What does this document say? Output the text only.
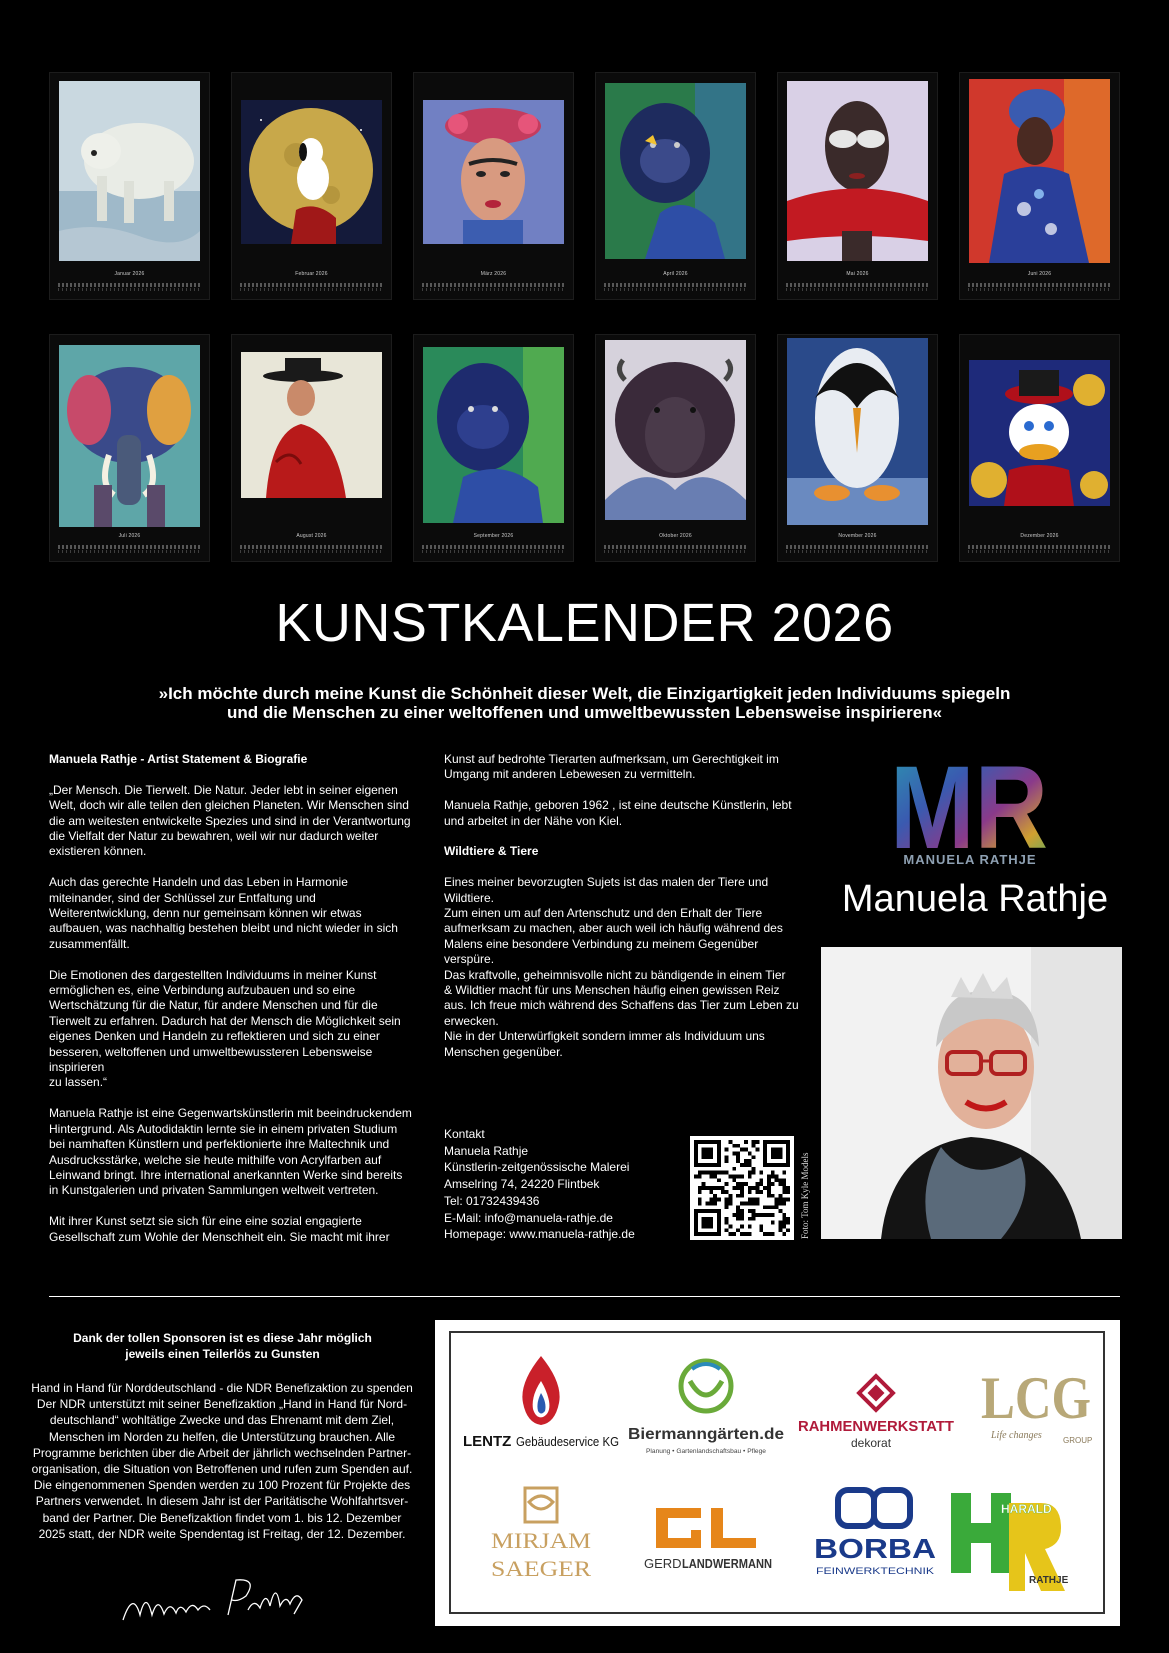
Januar 2026	Februar 2026	März 2026	April 2026	Mai 2026	Juni 2026
Juli 2026	August 2026	September 2026	Oktober 2026	November 2026	Dezember 2026
KUNSTKALENDER 2026
»Ich möchte durch meine Kunst die Schönheit dieser Welt, die Einzigartigkeit jeden Individuums spiegeln
und die Menschen zu einer weltoffenen und umweltbewussten Lebensweise inspirieren«

Manuela Rathje - Artist Statement & Biografie

„Der Mensch. Die Tierwelt. Die Natur. Jeder lebt in seiner eigenen
Welt, doch wir alle teilen den gleichen Planeten. Wir Menschen sind
die am weitesten entwickelte Spezies und sind in der Verantwortung
die Vielfalt der Natur zu bewahren, weil wir nur dadurch weiter
existieren können.

Auch das gerechte Handeln und das Leben in Harmonie
miteinander, sind der Schlüssel zur Entfaltung und
Weiterentwicklung, denn nur gemeinsam können wir etwas
aufbauen, was nachhaltig bestehen bleibt und nicht wieder in sich
zusammenfällt.

Die Emotionen des dargestellten Individuums in meiner Kunst
ermöglichen es, eine Verbindung aufzubauen und so eine
Wertschätzung für die Natur, für andere Menschen und für die
Tierwelt zu erfahren. Dadurch hat der Mensch die Möglichkeit sein
eigenes Denken und Handeln zu reflektieren und sich zu einer
besseren, weltoffenen und umweltbewussteren Lebensweise
inspirieren
zu lassen.“

Manuela Rathje ist eine Gegenwartskünstlerin mit beeindruckendem
Hintergrund. Als Autodidaktin lernte sie in einem privaten Studium
bei namhaften Künstlern und perfektionierte ihre Maltechnik und
Ausdrucksstärke, welche sie heute mithilfe von Acrylfarben auf
Leinwand bringt. Ihre international anerkannten Werke sind bereits
in Kunstgalerien und privaten Sammlungen weltweit vertreten.

Mit ihrer Kunst setzt sie sich für eine eine sozial engagierte
Gesellschaft zum Wohle der Menschheit ein. Sie macht mit ihrer

Kunst auf bedrohte Tierarten aufmerksam, um Gerechtigkeit im
Umgang mit anderen Lebewesen zu vermitteln.

Manuela Rathje, geboren 1962 , ist eine deutsche Künstlerin, lebt
und arbeitet in der Nähe von Kiel.

Wildtiere & Tiere

Eines meiner bevorzugten Sujets ist das malen der Tiere und
Wildtiere.
Zum einen um auf den Artenschutz und den Erhalt der Tiere
aufmerksam zu machen, aber auch weil ich häufig während des
Malens eine besondere Verbindung zu meinem Gegenüber
verspüre.
Das kraftvolle, geheimnisvolle nicht zu bändigende in einem Tier
& Wildtier macht für uns Menschen häufig einen gewissen Reiz
aus. Ich freue mich während des Schaffens das Tier zum Leben zu
erwecken.
Nie in der Unterwürfigkeit sondern immer als Individuum uns
Menschen gegenüber.

Kontakt
Manuela Rathje
Künstlerin-zeitgenössische Malerei
Amselring 74, 24220 Flintbek
Tel: 01732439436
E-Mail: info@manuela-rathje.de
Homepage: www.manuela-rathje.de	Foto: Tom Kyle Models
MR
MANUELA RATHJE
Manuela Rathje
Dank der tollen Sponsoren ist es diese Jahr möglich
jeweils einen Teilerlös zu Gunsten
Hand in Hand für Norddeutschland - die NDR Benefizaktion zu spenden
Der NDR unterstützt mit seiner Benefizaktion „Hand in Hand für Nord-
deutschland“ wohltätige Zwecke und das Ehrenamt mit dem Ziel,
Menschen im Norden zu helfen, die Unterstützung brauchen. Alle
Programme berichten über die Arbeit der jährlich wechselnden Partner-
organisation, die Situation von Betroffenen und rufen zum Spenden auf.
Die eingenommenen Spenden werden zu 100 Prozent für Projekte des
Partners verwendet. In diesem Jahr ist der Paritätische Wohlfahrtsver-
band der Partner. Die Benefizaktion findet vom 1. bis 12. Dezember
2025 statt, der NDR weite Spendentag ist Freitag, der 12. Dezember.
LENTZ Gebäudeservice KG Biermanngärten.de
Planung • Gartenlandschaftsbau • Pflege
RAHMENWERKSTATT
dekorat
LCG
Life changes	GROUP
MIRJAM
SAEGER	GERD LANDWERMANN BORBA
FEINWERKTECHNIK
HARALD
RATHJE
